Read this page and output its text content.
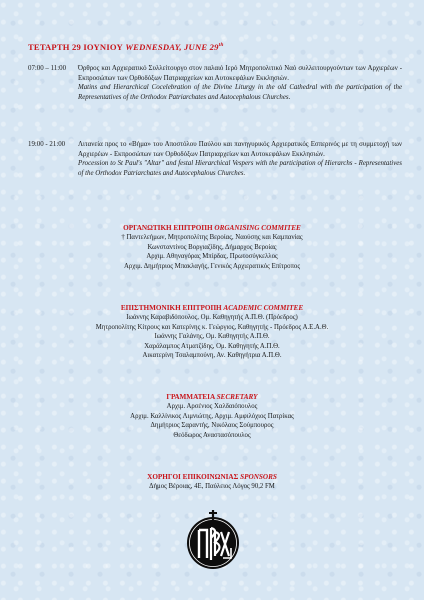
ΤΕΤΑΡΤΗ 29 ΙΟΥΝΙΟΥ WEDNESDAY, JUNE 29th
07:00 – 11:00 Όρθρος και Αρχιερατικό Συλλείτουργο στον παλαιό Ιερό Μητροπολιτικό Ναό συλλειτουργούντων των Αρχιερέων - Εκπροσώπων των Ορθοδόξων Πατριαρχείων και Αυτοκεφάλων Εκκλησιών.
Matins and Hierarchical Cocelebration of the Divine Liturgy in the old Cathedral with the participation of the Representatives of the Orthodox Patriarchates and Autocephalous Churches.
19:00 - 21:00 Λιτανεία προς το «Βήμα» του Αποστόλου Παύλου και πανηγυρικός Αρχιερατικός Εσπερινός με τη συμμετοχή των Αρχιερέων - Εκπροσώπων των Ορθοδόξων Πατριαρχείων και Αυτοκεφάλων Εκκλησιών.
Procession to St Paul's "Altar" and festal Hierarchical Vespers with the participation of Hierarchs - Representatives of the Orthodox Patriarchates and Autocephalous Churches.
ΟΡΓΑΝΩΤΙΚΗ ΕΠΙΤΡΟΠΗ ORGANISING COMMITEE
† Παντελεήμων, Μητροπολίτης Βεροίας, Ναούσης και Καμπανίας
Κωνσταντίνος Βοργιαζίδης, Δήμαρχος Βεροίας
Αρχιμ. Αθηναγόρας Μπίρδας, Πρωτοσύγκελλος
Αρχιμ. Δημήτριος Μπακλαγής, Γενικός Αρχιερατικός Επίτροπος
ΕΠΙΣΤΗΜΟΝΙΚΗ ΕΠΙΤΡΟΠΗ ACADEMIC COMMITEE
Ιωάννης Καραβιδόπουλος, Ομ. Καθηγητής Α.Π.Θ. (Πρόεδρος)
Μητροπολίτης Κίτρους και Κατερίνης κ. Γεώργιος, Καθηγητής - Πρόεδρος Α.Ε.Α.Θ.
Ιωάννης Γαλάνης, Ομ. Καθηγητής Α.Π.Θ.
Χαράλαμπος Ατματζίδης, Ομ. Καθηγητής Α.Π.Θ.
Αικατερίνη Τσαλαμπούνη, Αν. Καθηγήτρια Α.Π.Θ.
ΓΡΑΜΜΑΤΕΙΑ SECRETARY
Αρχιμ. Αρσένιος Χαλδαιόπουλος
Αρχιμ. Καλλίνικος Λιμνιώτης, Αρχιμ. Αμφιλόχιος Πατρίκας
Δημήτριος Σαραντής, Νικόλαος Σούμπουρος
Θεόδωρος Αναστασόπουλος
ΧΟΡΗΓΟΙ ΕΠΙΚΟΙΝΩΝΙΑΣ SPONSORS
Δήμος Βέροιας, 4Ε, Παύλειος Λόγος 90,2 FM
